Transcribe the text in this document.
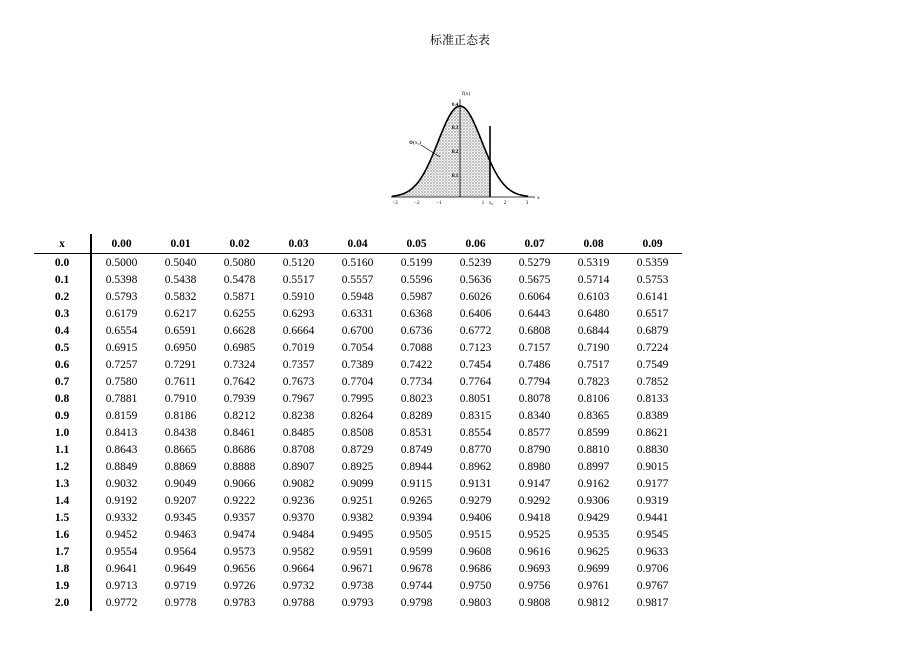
标准正态表
f(x)
0.4
0.3
0.2
0.1
Φ(x₀)
−3	−2	−1	1 x₀ 2	3
x
x	0.00	0.01	0.02	0.03	0.04	0.05	0.06	0.07	0.08	0.09
0.0	0.5000	0.5040	0.5080	0.5120	0.5160	0.5199	0.5239	0.5279	0.5319	0.5359
0.1	0.5398	0.5438	0.5478	0.5517	0.5557	0.5596	0.5636	0.5675	0.5714	0.5753
0.2	0.5793	0.5832	0.5871	0.5910	0.5948	0.5987	0.6026	0.6064	0.6103	0.6141
0.3	0.6179	0.6217	0.6255	0.6293	0.6331	0.6368	0.6406	0.6443	0.6480	0.6517
0.4	0.6554	0.6591	0.6628	0.6664	0.6700	0.6736	0.6772	0.6808	0.6844	0.6879
0.5	0.6915	0.6950	0.6985	0.7019	0.7054	0.7088	0.7123	0.7157	0.7190	0.7224
0.6	0.7257	0.7291	0.7324	0.7357	0.7389	0.7422	0.7454	0.7486	0.7517	0.7549
0.7	0.7580	0.7611	0.7642	0.7673	0.7704	0.7734	0.7764	0.7794	0.7823	0.7852
0.8	0.7881	0.7910	0.7939	0.7967	0.7995	0.8023	0.8051	0.8078	0.8106	0.8133
0.9	0.8159	0.8186	0.8212	0.8238	0.8264	0.8289	0.8315	0.8340	0.8365	0.8389
1.0	0.8413	0.8438	0.8461	0.8485	0.8508	0.8531	0.8554	0.8577	0.8599	0.8621
1.1	0.8643	0.8665	0.8686	0.8708	0.8729	0.8749	0.8770	0.8790	0.8810	0.8830
1.2	0.8849	0.8869	0.8888	0.8907	0.8925	0.8944	0.8962	0.8980	0.8997	0.9015
1.3	0.9032	0.9049	0.9066	0.9082	0.9099	0.9115	0.9131	0.9147	0.9162	0.9177
1.4	0.9192	0.9207	0.9222	0.9236	0.9251	0.9265	0.9279	0.9292	0.9306	0.9319
1.5	0.9332	0.9345	0.9357	0.9370	0.9382	0.9394	0.9406	0.9418	0.9429	0.9441
1.6	0.9452	0.9463	0.9474	0.9484	0.9495	0.9505	0.9515	0.9525	0.9535	0.9545
1.7	0.9554	0.9564	0.9573	0.9582	0.9591	0.9599	0.9608	0.9616	0.9625	0.9633
1.8	0.9641	0.9649	0.9656	0.9664	0.9671	0.9678	0.9686	0.9693	0.9699	0.9706
1.9	0.9713	0.9719	0.9726	0.9732	0.9738	0.9744	0.9750	0.9756	0.9761	0.9767
2.0	0.9772	0.9778	0.9783	0.9788	0.9793	0.9798	0.9803	0.9808	0.9812	0.9817
